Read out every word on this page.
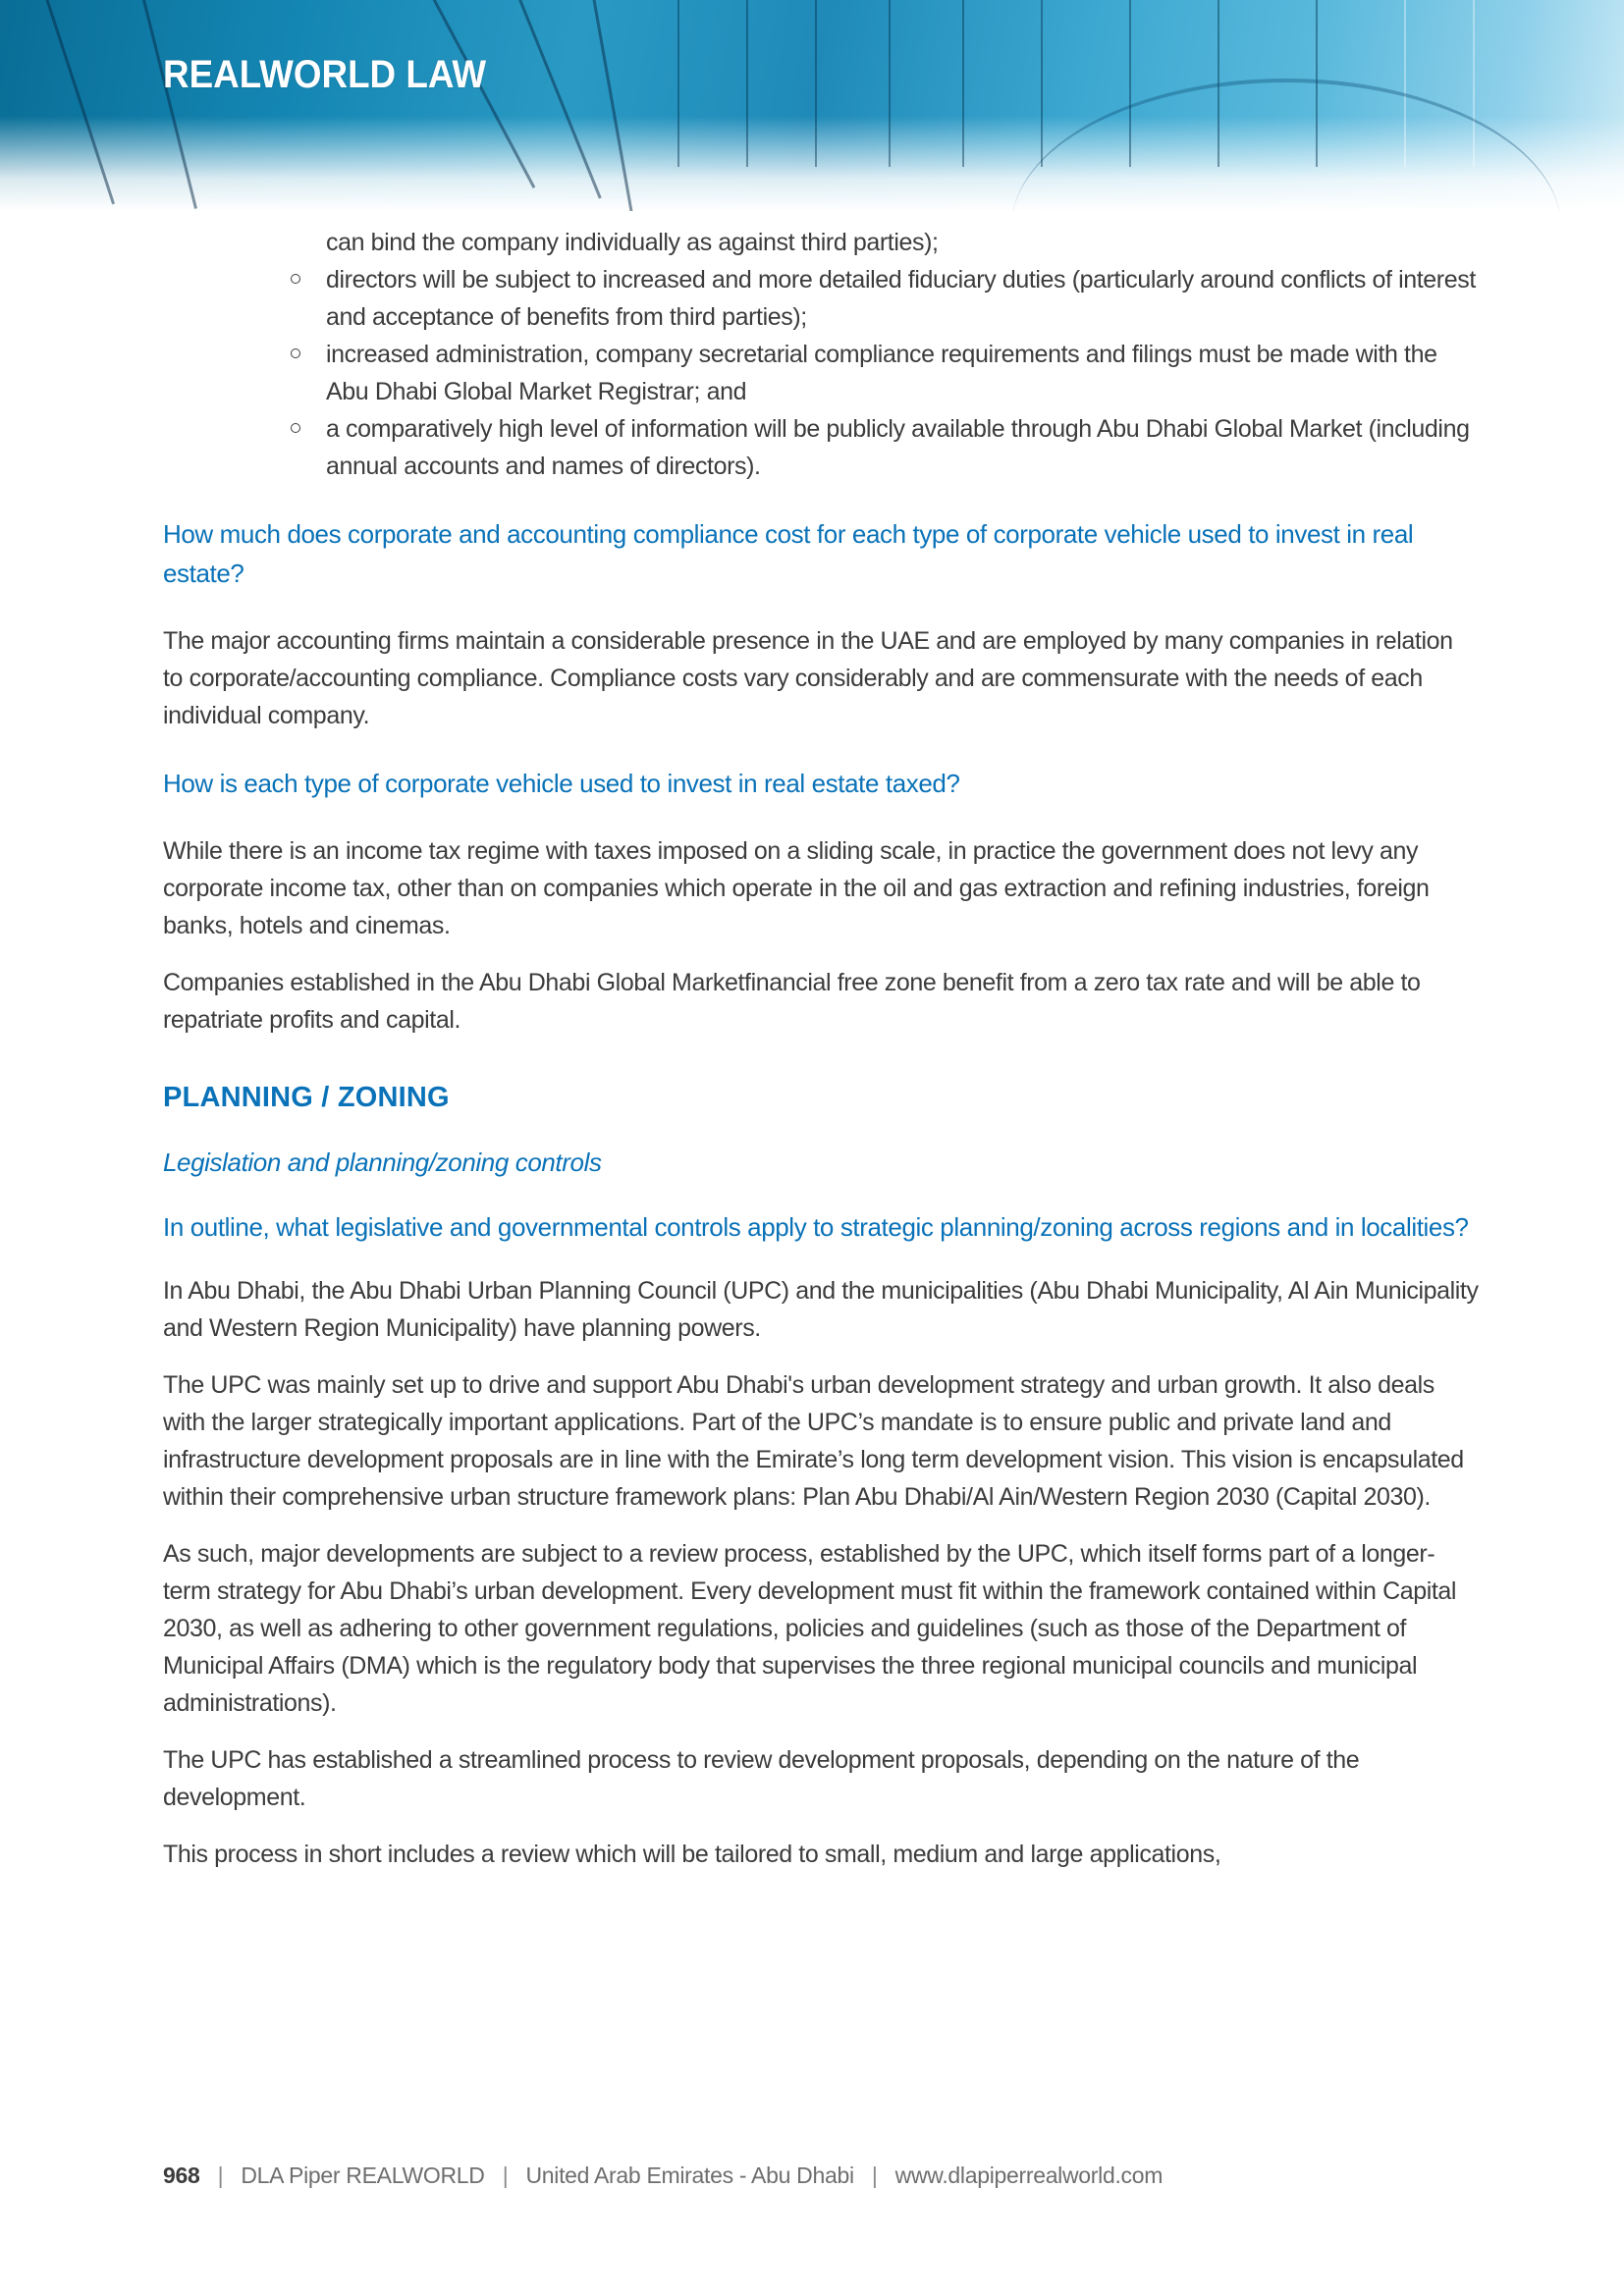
REALWORLD LAW
can bind the company individually as against third parties);
directors will be subject to increased and more detailed fiduciary duties (particularly around conflicts of interest and acceptance of benefits from third parties);
increased administration, company secretarial compliance requirements and filings must be made with the Abu Dhabi Global Market Registrar; and
a comparatively high level of information will be publicly available through Abu Dhabi Global Market (including annual accounts and names of directors).

How much does corporate and accounting compliance cost for each type of corporate vehicle used to invest in real estate?

The major accounting firms maintain a considerable presence in the UAE and are employed by many companies in relation to corporate/accounting compliance. Compliance costs vary considerably and are commensurate with the needs of each individual company.

How is each type of corporate vehicle used to invest in real estate taxed?

While there is an income tax regime with taxes imposed on a sliding scale, in practice the government does not levy any corporate income tax, other than on companies which operate in the oil and gas extraction and refining industries, foreign banks, hotels and cinemas.

Companies established in the Abu Dhabi Global Marketfinancial free zone benefit from a zero tax rate and will be able to repatriate profits and capital.

PLANNING / ZONING

Legislation and planning/zoning controls

In outline, what legislative and governmental controls apply to strategic planning/zoning across regions and in localities?

In Abu Dhabi, the Abu Dhabi Urban Planning Council (UPC) and the municipalities (Abu Dhabi Municipality, Al Ain Municipality and Western Region Municipality) have planning powers.

The UPC was mainly set up to drive and support Abu Dhabi's urban development strategy and urban growth. It also deals with the larger strategically important applications. Part of the UPC’s mandate is to ensure public and private land and infrastructure development proposals are in line with the Emirate’s long term development vision. This vision is encapsulated within their comprehensive urban structure framework plans: Plan Abu Dhabi/Al Ain/Western Region 2030 (Capital 2030).

As such, major developments are subject to a review process, established by the UPC, which itself forms part of a longer-term strategy for Abu Dhabi’s urban development. Every development must fit within the framework contained within Capital 2030, as well as adhering to other government regulations, policies and guidelines (such as those of the Department of Municipal Affairs (DMA) which is the regulatory body that supervises the three regional municipal councils and municipal administrations).

The UPC has established a streamlined process to review development proposals, depending on the nature of the development.

This process in short includes a review which will be tailored to small, medium and large applications,

968 | DLA Piper REALWORLD | United Arab Emirates - Abu Dhabi | www.dlapiperrealworld.com
